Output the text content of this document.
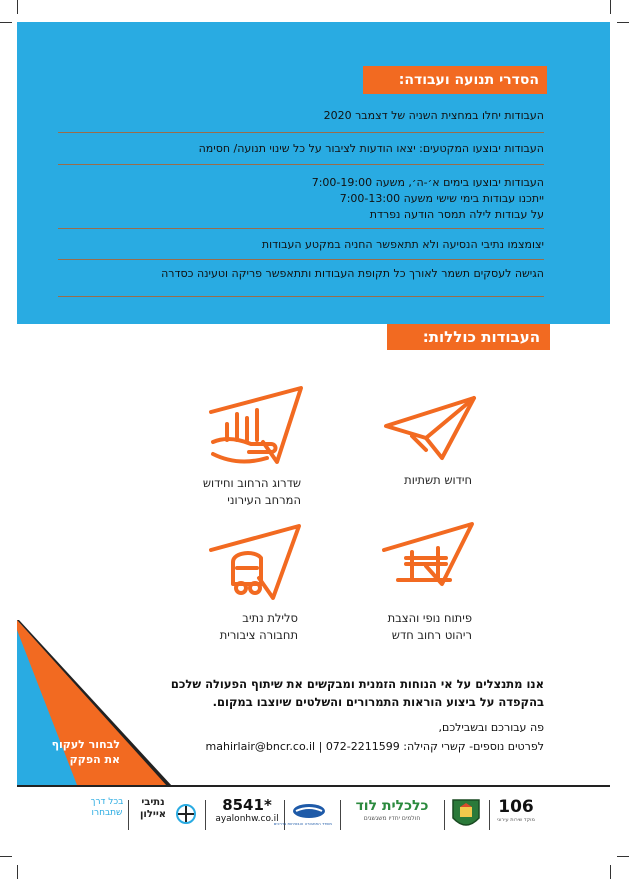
הסדרי תנועה ועבודה:
העבודות יחלו במחצית השניה של דצמבר 2020
העבודות יבוצעו המקטעים: יצאו הודעות לציבור על כל שינוי תנועה/ חסימה
העבודות יבוצעו בימים א׳-ה׳, משעה 7:00-19:00
ייתכנו עבודות בימי שישי משעה 7:00-13:00
על עבודות לילה תמסר הודעה נפרדת
יצומצמו נתיבי הנסיעה ולא תתאפשר החניה במקטע העבודות
הגישה לעסקים תשמר לאורך כל תקופת העבודות ותתאפשר פריקה וטעינה כסדרה
העבודות כוללות:
חידוש תשתיות
שדרוג הרחוב וחידוש
המרחב העירוני
פיתוח נופי והצבת
ריהוט רחוב חדש
סלילת נתיב
תחבורה ציבורית
לבחור לעקוף
את הפקק
אנו מתנצלים על אי הנוחות הזמנית ומבקשים את שיתוף הפעולה שלכם
בהקפדה על ביצוע הוראות התמרורים והשלטים שיוצבו במקום.
פה עבורכם ובשבילכם,
לפרטים נוספים- קשרי קהילה: 072-2211599 | mahirlair@bncr.co.il
בכל דרך
שתבחרו
נתיבי איילון
*8541
ayalonhw.co.il
משרד התחבורה והבטיחות בדרכים
כלכלית לוד
חולמים יחדיו משגשגים
106
מוקד שירות עירוני
